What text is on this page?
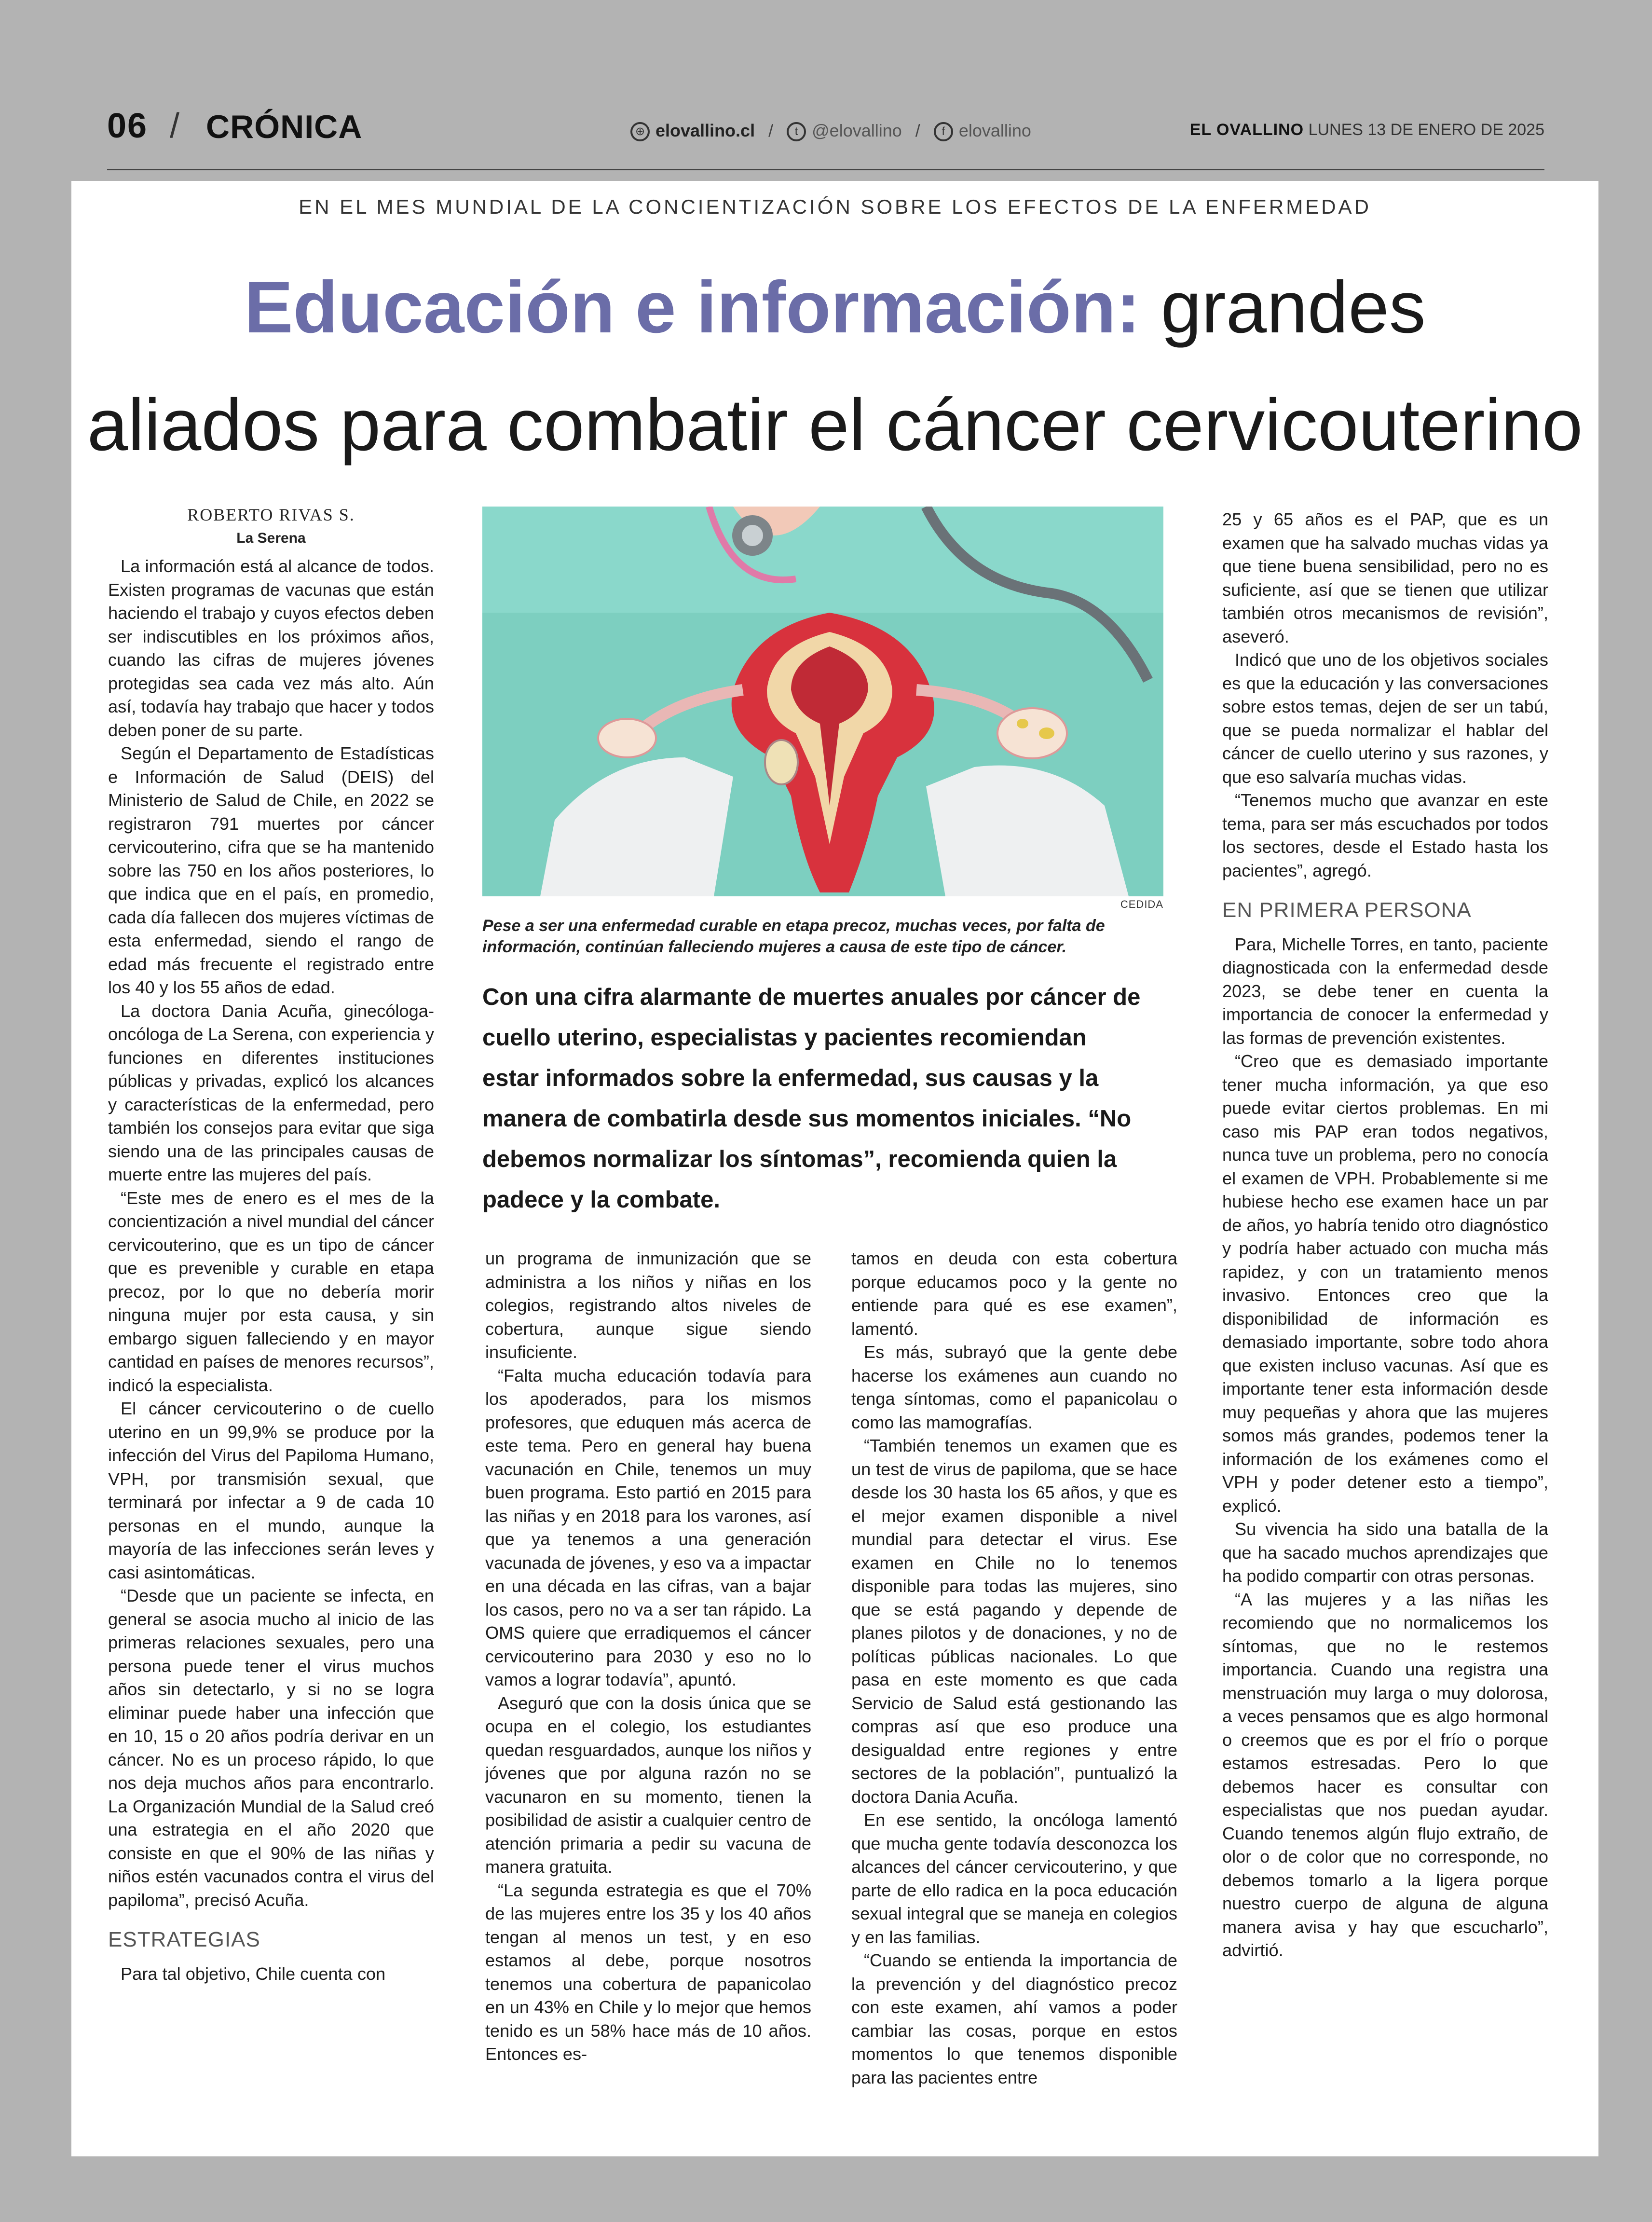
06 / CRÓNICA	⊕ elovallino.cl / t @elovallino / f elovallino	EL OVALLINO LUNES 13 DE ENERO DE 2025
EN EL MES MUNDIAL DE LA CONCIENTIZACIÓN SOBRE LOS EFECTOS DE LA ENFERMEDAD
Educación e información: grandes
aliados para combatir el cáncer cervicouterino
ROBERTO RIVAS S.
La Serena

La información está al alcance de todos. Existen programas de vacunas que están haciendo el trabajo y cuyos efectos deben ser indiscutibles en los próximos años, cuando las cifras de mujeres jóvenes protegidas sea cada vez más alto. Aún así, todavía hay trabajo que hacer y todos deben poner de su parte.

Según el Departamento de Estadísticas e Información de Salud (DEIS) del Ministerio de Salud de Chile, en 2022 se registraron 791 muertes por cáncer cervicouterino, cifra que se ha mantenido sobre las 750 en los años posteriores, lo que indica que en el país, en promedio, cada día fallecen dos mujeres víctimas de esta enfermedad, siendo el rango de edad más frecuente el registrado entre los 40 y los 55 años de edad.

La doctora Dania Acuña, ginecóloga-oncóloga de La Serena, con experiencia y funciones en diferentes instituciones públicas y privadas, explicó los alcances y características de la enfermedad, pero también los consejos para evitar que siga siendo una de las principales causas de muerte entre las mujeres del país.

“Este mes de enero es el mes de la concientización a nivel mundial del cáncer cervicouterino, que es un tipo de cáncer que es prevenible y curable en etapa precoz, por lo que no debería morir ninguna mujer por esta causa, y sin embargo siguen falleciendo y en mayor cantidad en países de menores recursos”, indicó la especialista.

El cáncer cervicouterino o de cuello uterino en un 99,9% se produce por la infección del Virus del Papiloma Humano, VPH, por transmisión sexual, que terminará por infectar a 9 de cada 10 personas en el mundo, aunque la mayoría de las infecciones serán leves y casi asintomáticas.

“Desde que un paciente se infecta, en general se asocia mucho al inicio de las primeras relaciones sexuales, pero una persona puede tener el virus muchos años sin detectarlo, y si no se logra eliminar puede haber una infección que en 10, 15 o 20 años podría derivar en un cáncer. No es un proceso rápido, lo que nos deja muchos años para encontrarlo. La Organización Mundial de la Salud creó una estrategia en el año 2020 que consiste en que el 90% de las niñas y niños estén vacunados contra el virus del papiloma”, precisó Acuña.

ESTRATEGIAS

Para tal objetivo, Chile cuenta con

CEDIDA
Pese a ser una enfermedad curable en etapa precoz, muchas veces, por falta de información, continúan falleciendo mujeres a causa de este tipo de cáncer.
Con una cifra alarmante de muertes anuales por cáncer de cuello uterino, especialistas y pacientes recomiendan estar informados sobre la enfermedad, sus causas y la manera de combatirla desde sus momentos iniciales. “No debemos normalizar los síntomas”, recomienda quien la padece y la combate.

un programa de inmunización que se administra a los niños y niñas en los colegios, registrando altos niveles de cobertura, aunque sigue siendo insuficiente.

“Falta mucha educación todavía para los apoderados, para los mismos profesores, que eduquen más acerca de este tema. Pero en general hay buena vacunación en Chile, tenemos un muy buen programa. Esto partió en 2015 para las niñas y en 2018 para los varones, así que ya tenemos a una generación vacunada de jóvenes, y eso va a impactar en una década en las cifras, van a bajar los casos, pero no va a ser tan rápido. La OMS quiere que erradiquemos el cáncer cervicouterino para 2030 y eso no lo vamos a lograr todavía”, apuntó.

Aseguró que con la dosis única que se ocupa en el colegio, los estudiantes quedan resguardados, aunque los niños y jóvenes que por alguna razón no se vacunaron en su momento, tienen la posibilidad de asistir a cualquier centro de atención primaria a pedir su vacuna de manera gratuita.

“La segunda estrategia es que el 70% de las mujeres entre los 35 y los 40 años tengan al menos un test, y en eso estamos al debe, porque nosotros tenemos una cobertura de papanicolao en un 43% en Chile y lo mejor que hemos tenido es un 58% hace más de 10 años. Entonces es-

tamos en deuda con esta cobertura porque educamos poco y la gente no entiende para qué es ese examen”, lamentó.

Es más, subrayó que la gente debe hacerse los exámenes aun cuando no tenga síntomas, como el papanicolau o como las mamografías.

“También tenemos un examen que es un test de virus de papiloma, que se hace desde los 30 hasta los 65 años, y que es el mejor examen disponible a nivel mundial para detectar el virus. Ese examen en Chile no lo tenemos disponible para todas las mujeres, sino que se está pagando y depende de planes pilotos y de donaciones, y no de políticas públicas nacionales. Lo que pasa en este momento es que cada Servicio de Salud está gestionando las compras así que eso produce una desigualdad entre regiones y entre sectores de la población”, puntualizó la doctora Dania Acuña.

En ese sentido, la oncóloga lamentó que mucha gente todavía desconozca los alcances del cáncer cervicouterino, y que parte de ello radica en la poca educación sexual integral que se maneja en colegios y en las familias.

“Cuando se entienda la importancia de la prevención y del diagnóstico precoz con este examen, ahí vamos a poder cambiar las cosas, porque en estos momentos lo que tenemos disponible para las pacientes entre

25 y 65 años es el PAP, que es un examen que ha salvado muchas vidas ya que tiene buena sensibilidad, pero no es suficiente, así que se tienen que utilizar también otros mecanismos de revisión”, aseveró.

Indicó que uno de los objetivos sociales es que la educación y las conversaciones sobre estos temas, dejen de ser un tabú, que se pueda normalizar el hablar del cáncer de cuello uterino y sus razones, y que eso salvaría muchas vidas.

“Tenemos mucho que avanzar en este tema, para ser más escuchados por todos los sectores, desde el Estado hasta los pacientes”, agregó.

EN PRIMERA PERSONA

Para, Michelle Torres, en tanto, paciente diagnosticada con la enfermedad desde 2023, se debe tener en cuenta la importancia de conocer la enfermedad y las formas de prevención existentes.

“Creo que es demasiado importante tener mucha información, ya que eso puede evitar ciertos problemas. En mi caso mis PAP eran todos negativos, nunca tuve un problema, pero no conocía el examen de VPH. Probablemente si me hubiese hecho ese examen hace un par de años, yo habría tenido otro diagnóstico y podría haber actuado con mucha más rapidez, y con un tratamiento menos invasivo. Entonces creo que la disponibilidad de información es demasiado importante, sobre todo ahora que existen incluso vacunas. Así que es importante tener esta información desde muy pequeñas y ahora que las mujeres somos más grandes, podemos tener la información de los exámenes como el VPH y poder detener esto a tiempo”, explicó.

Su vivencia ha sido una batalla de la que ha sacado muchos aprendizajes que ha podido compartir con otras personas.

“A las mujeres y a las niñas les recomiendo que no normalicemos los síntomas, que no le restemos importancia. Cuando una registra una menstruación muy larga o muy dolorosa, a veces pensamos que es algo hormonal o creemos que es por el frío o porque estamos estresadas. Pero lo que debemos hacer es consultar con especialistas que nos puedan ayudar. Cuando tenemos algún flujo extraño, de olor o de color que no corresponde, no debemos tomarlo a la ligera porque nuestro cuerpo de alguna de alguna manera avisa y hay que escucharlo”, advirtió.
